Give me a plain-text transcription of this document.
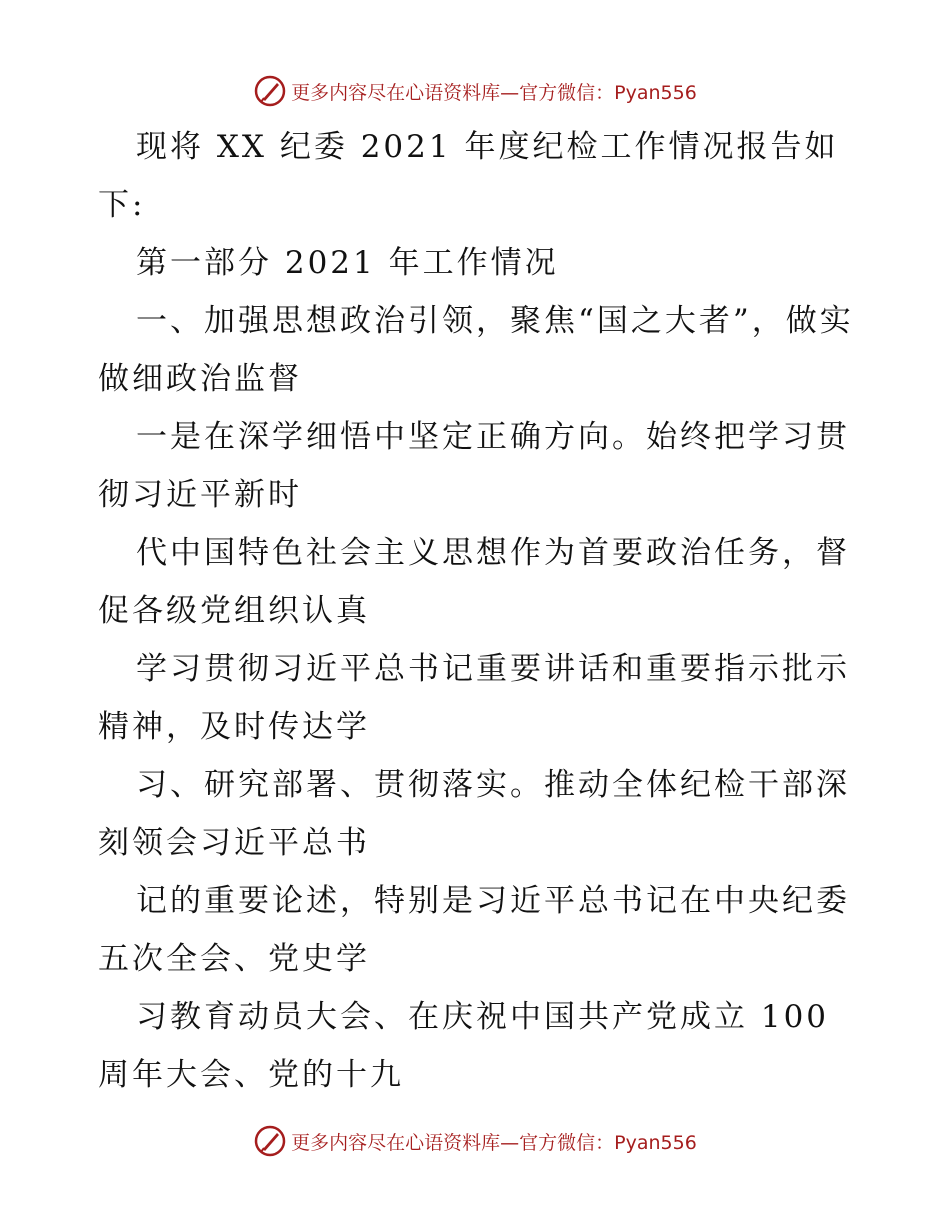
更多内容尽在心语资料库—官方微信：Pyan556

现将 XX 纪委 2021 年度纪检工作情况报告如下:

第一部分 2021 年工作情况

一、加强思想政治引领，聚焦“国之大者”，做实做细政治监督

一是在深学细悟中坚定正确方向。始终把学习贯彻习近平新时

代中国特色社会主义思想作为首要政治任务，督促各级党组织认真

学习贯彻习近平总书记重要讲话和重要指示批示精神，及时传达学

习、研究部署、贯彻落实。推动全体纪检干部深刻领会习近平总书

记的重要论述，特别是习近平总书记在中央纪委五次全会、党史学

习教育动员大会、在庆祝中国共产党成立 100 周年大会、党的十九

更多内容尽在心语资料库—官方微信：Pyan556
